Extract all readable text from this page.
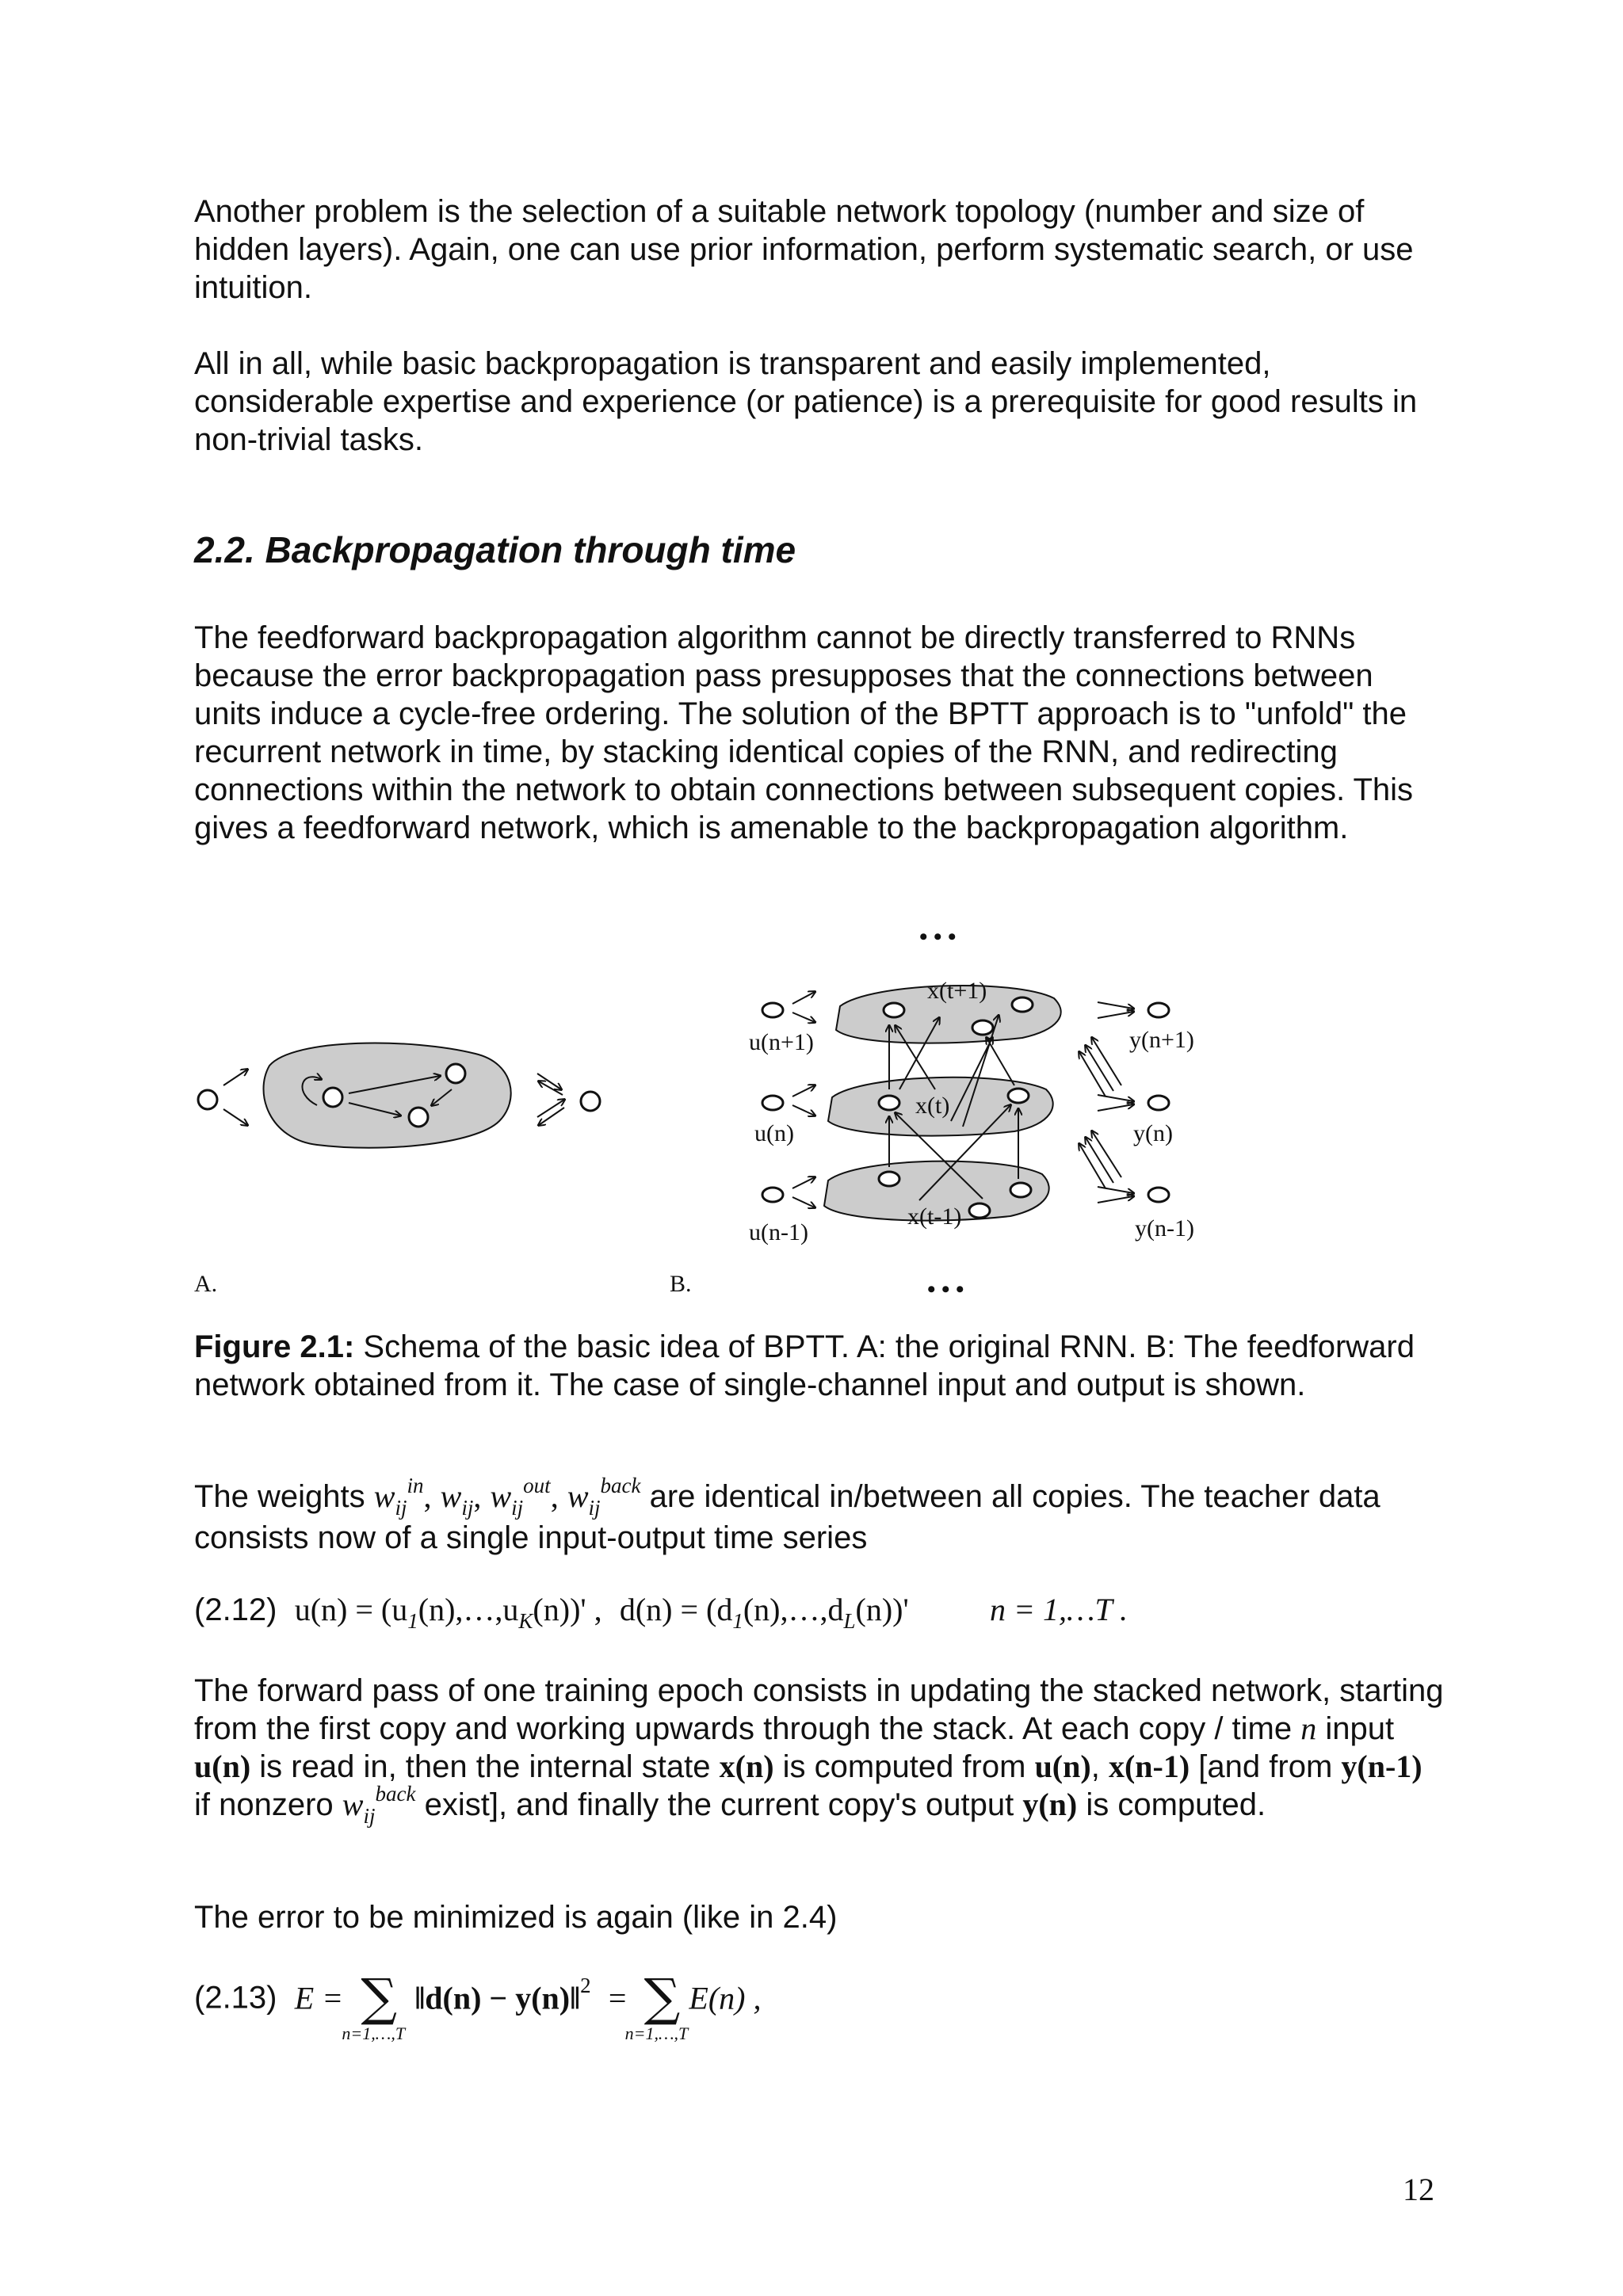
Another problem is the selection of a suitable network topology (number and size of hidden layers). Again, one can use prior information, perform systematic search, or use intuition.

All in all, while basic backpropagation is transparent and easily implemented, considerable expertise and experience (or patience) is a prerequisite for good results in non-trivial tasks.

2.2. Backpropagation through time

The feedforward backpropagation algorithm cannot be directly transferred to RNNs because the error backpropagation pass presupposes that the connections between units induce a cycle-free ordering. The solution of the BPTT approach is to "unfold" the recurrent network in time, by stacking identical copies of the RNN, and redirecting connections within the network to obtain connections between subsequent copies. This gives a feedforward network, which is amenable to the backpropagation algorithm.

A.
• • •
x(t+1)
x(t)
x(t-1)
u(n+1)
u(n)
u(n-1)
y(n+1)
y(n)
y(n-1)
• • •
B.

Figure 2.1: Schema of the basic idea of BPTT. A: the original RNN. B: The feedforward network obtained from it. The case of single-channel input and output is shown.

The weights $w_{ij}^{in}$, $w_{ij}$, $w_{ij}^{out}$, $w_{ij}^{back}$ are identical in/between all copies. The teacher data consists now of a single input-output time series

(2.12) $u(n) = (u_1(n),\dots,u_K(n))'$ , $d(n) = (d_1(n),\dots,d_L(n))'$	n = 1,…T .

The forward pass of one training epoch consists in updating the stacked network, starting from the first copy and working upwards through the stack. At each copy / time n input u(n) is read in, then the internal state x(n) is computed from u(n), x(n-1) [and from y(n-1) if nonzero $w_{ij}^{back}$ exist], and finally the current copy's output y(n) is computed.

The error to be minimized is again (like in 2.4)

(2.13) E = ∑
n=1,…,T
‖d(n) − y(n)‖$^2$ = ∑
n=1,…,T
E(n) ,
12
